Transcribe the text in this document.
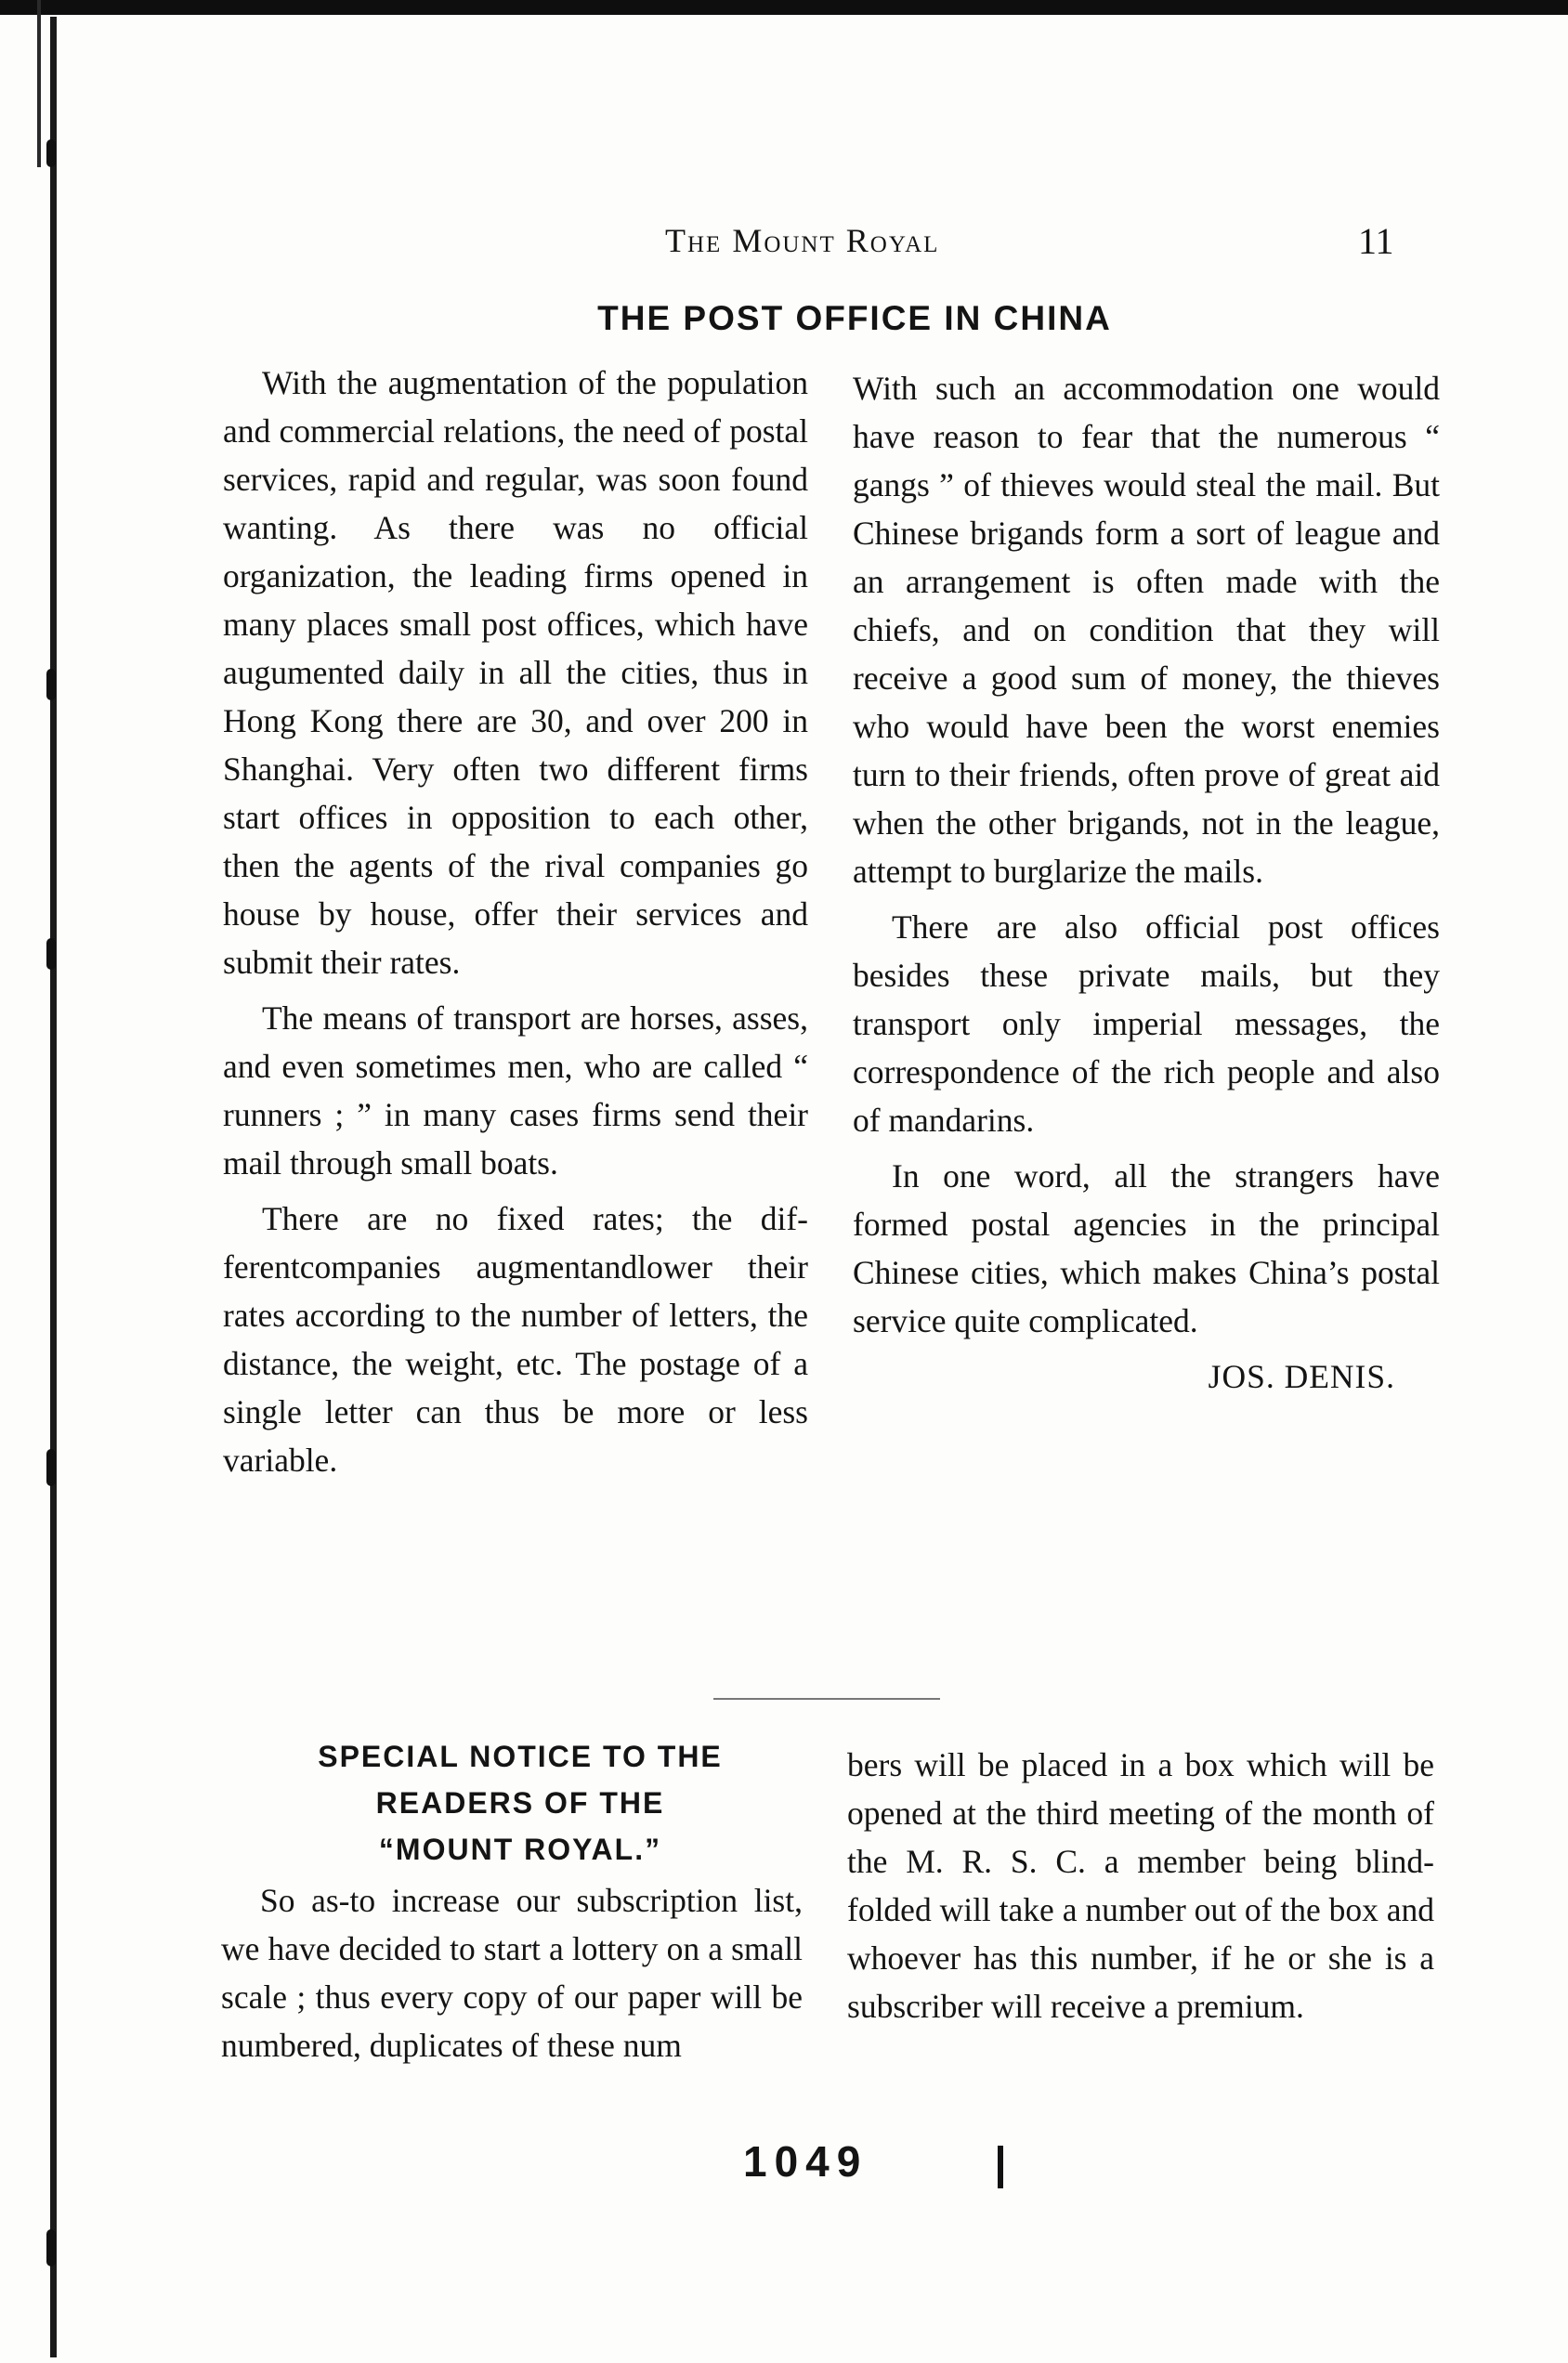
The Mount Royal	11
THE POST OFFICE IN CHINA

With the augmentation of the population and commercial relations, the need of postal services, rapid and regular, was soon found wanting. As there was no official organization, the leading firms opened in many places small post offices, which have augumented daily in all the cities, thus in Hong Kong there are 30, and over 200 in Shanghai. Very often two different firms start offices in opposition to each other, then the agents of the rival companies go house by house, offer their services and submit their rates.

The means of transport are horses, asses, and even sometimes men, who are called “ runners ; ” in many cases firms send their mail through small boats.

There are no fixed rates; the differentcompanies augmentandlower their rates according to the number of letters, the distance, the weight, etc. The postage of a single letter can thus be more or less variable.

With such an accommodation one would have reason to fear that the numerous “ gangs ” of thieves would steal the mail. But Chinese brigands form a sort of league and an arrangement is often made with the chiefs, and on condition that they will receive a good sum of money, the thieves who would have been the worst enemies turn to their friends, often prove of great aid when the other brigands, not in the league, attempt to burglarize the mails.

There are also official post offices besides these private mails, but they transport only imperial messages, the correspondence of the rich people and also of mandarins.

In one word, all the strangers have formed postal agencies in the principal Chinese cities, which makes China’s postal service quite complicated.

JOS. DENIS.
SPECIAL NOTICE TO THE
READERS OF THE
“MOUNT ROYAL.”

So as-to increase our subscription list, we have decided to start a lottery on a small scale ; thus every copy of our paper will be numbered, duplicates of these num

bers will be placed in a box which will be opened at the third meeting of the month of the M. R. S. C. a member being blind-folded will take a number out of the box and whoever has this number, if he or she is a subscriber will receive a premium.

1049
